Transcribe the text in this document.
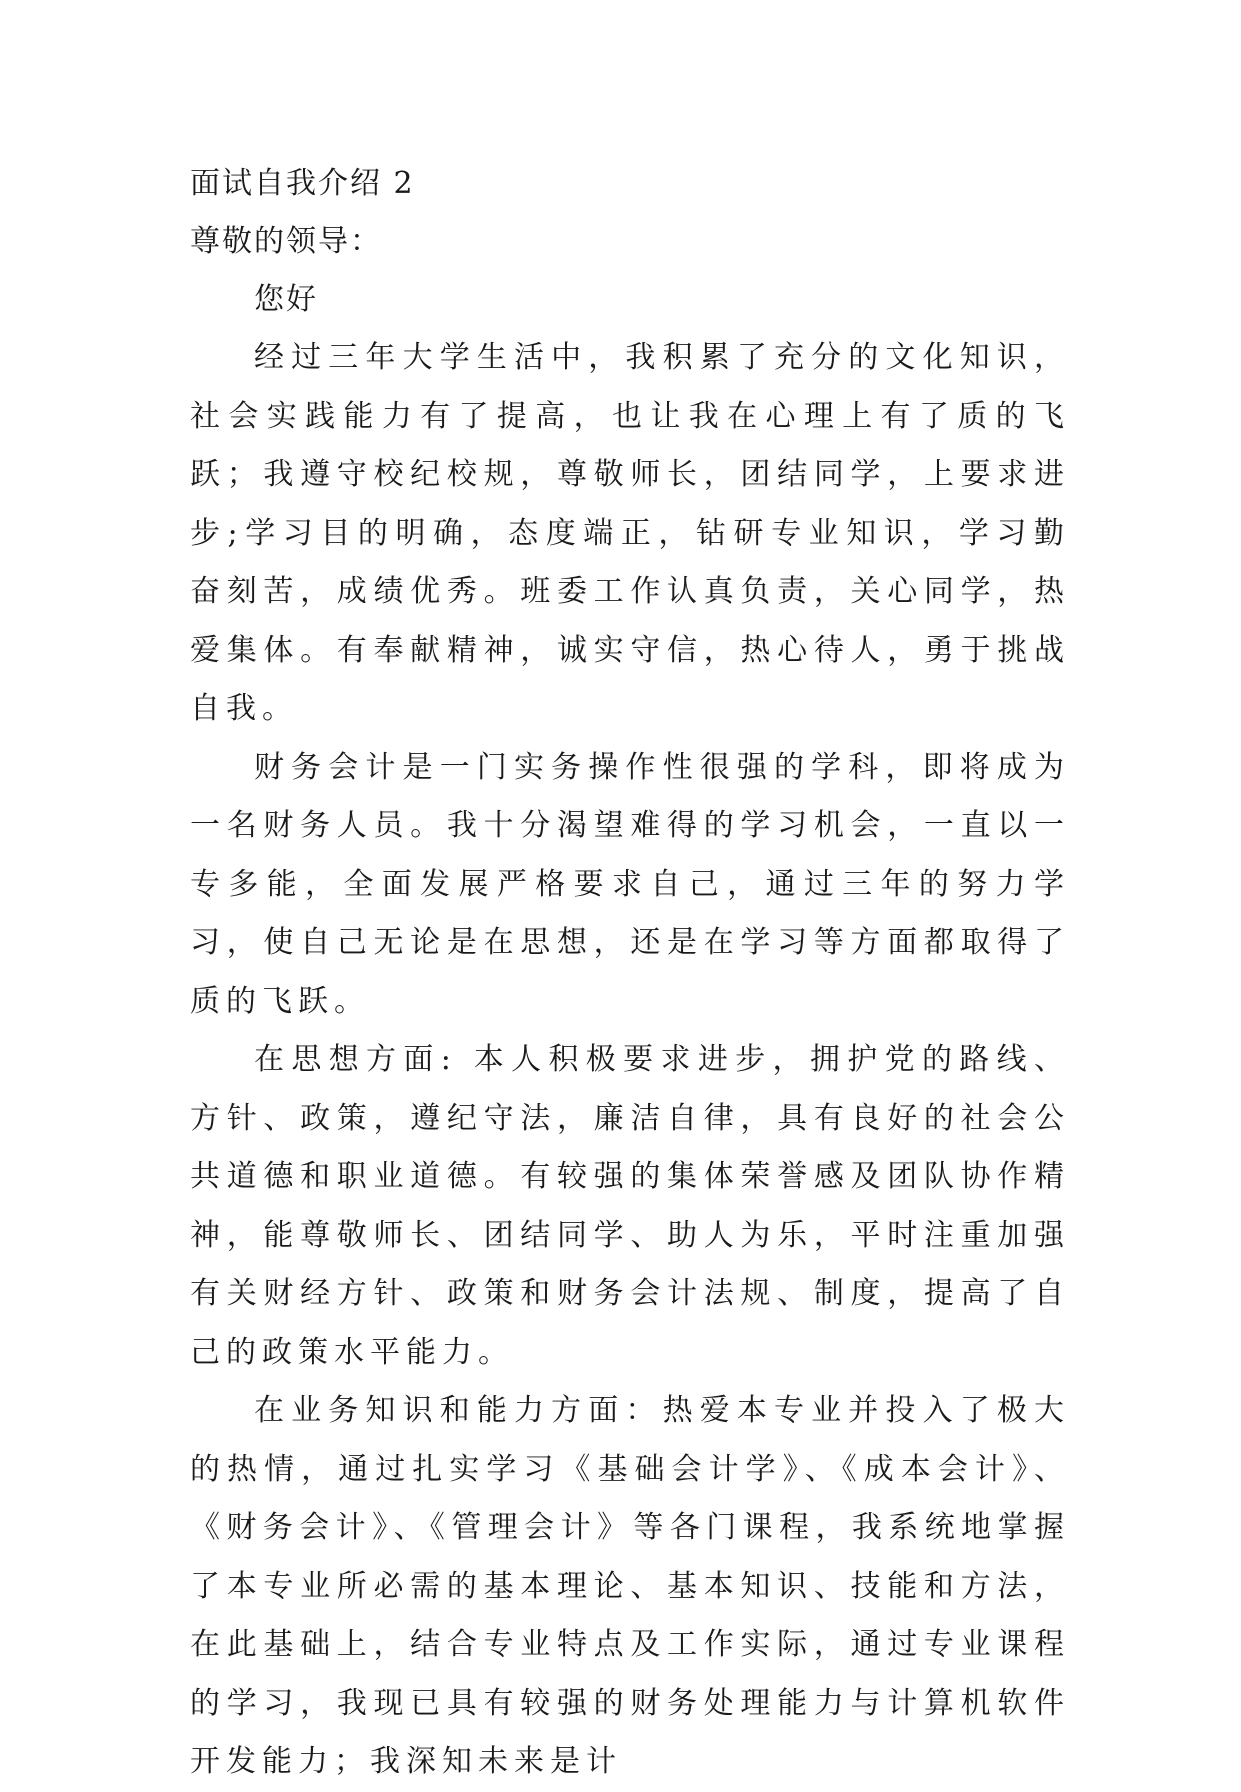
面试自我介绍 2

尊敬的领导：

您好

经过三年大学生活中，我积累了充分的文化知识，社会实践能力有了提高，也让我在心理上有了质的飞跃；我遵守校纪校规，尊敬师长，团结同学，上要求进步;学习目的明确，态度端正，钻研专业知识，学习勤奋刻苦，成绩优秀。班委工作认真负责，关心同学，热爱集体。有奉献精神，诚实守信，热心待人，勇于挑战自我。

财务会计是一门实务操作性很强的学科，即将成为一名财务人员。我十分渴望难得的学习机会，一直以一专多能，全面发展严格要求自己，通过三年的努力学习，使自己无论是在思想，还是在学习等方面都取得了质的飞跃。

在思想方面: 本人积极要求进步，拥护党的路线、方针、政策，遵纪守法，廉洁自律，具有良好的社会公共道德和职业道德。有较强的集体荣誉感及团队协作精神，能尊敬师长、团结同学、助人为乐，平时注重加强有关财经方针、政策和财务会计法规、制度，提高了自己的政策水平能力。

在业务知识和能力方面：热爱本专业并投入了极大的热情，通过扎实学习《基础会计学》、《成本会计》、《财务会计》、《管理会计》等各门课程，我系统地掌握了本专业所必需的基本理论、基本知识、技能和方法，在此基础上，结合专业特点及工作实际，通过专业课程的学习，我现已具有较强的财务处理能力与计算机软件开发能力；我深知未来是计
